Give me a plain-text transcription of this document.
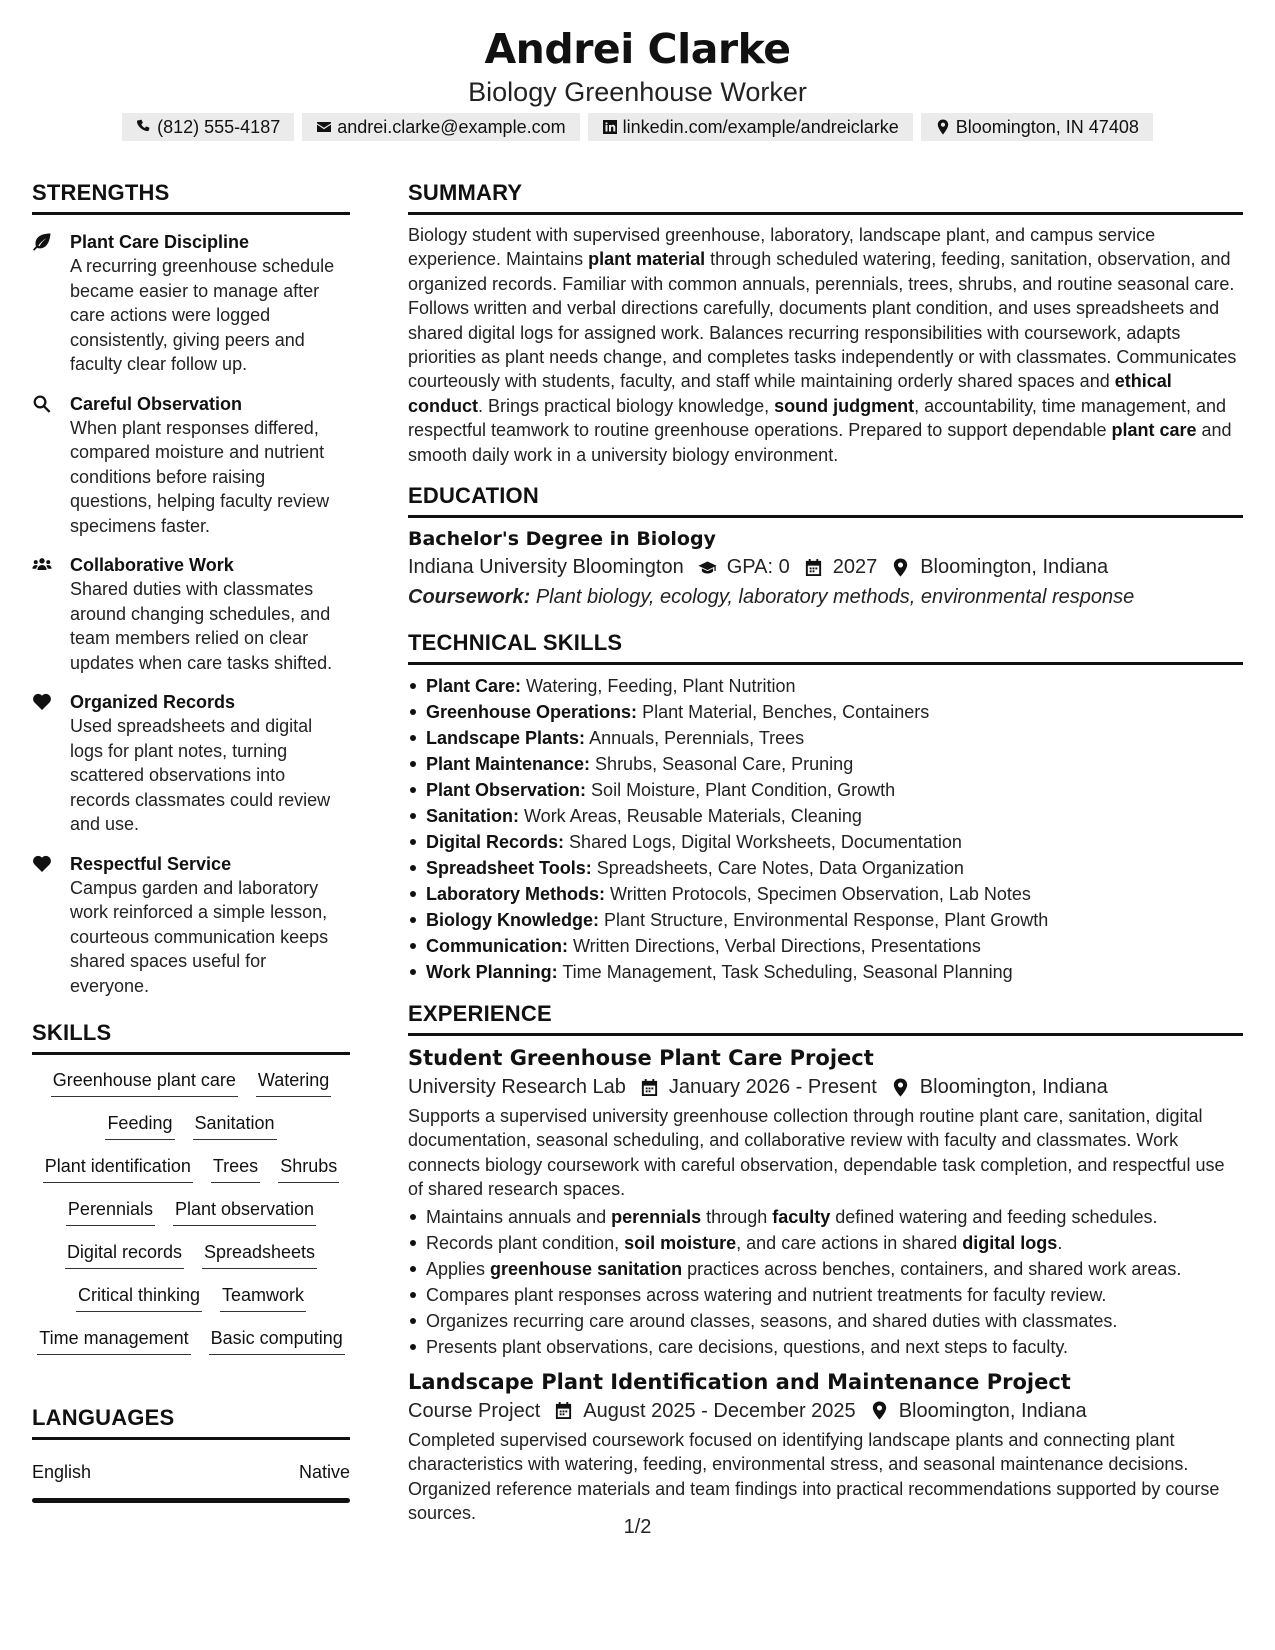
Andrei Clarke
Biology Greenhouse Worker
(812) 555-4187	andrei.clarke@example.com	linkedin.com/example/andreiclarke	Bloomington, IN 47408
STRENGTHS
Plant Care Discipline
A recurring greenhouse schedule became easier to manage after care actions were logged consistently, giving peers and faculty clear follow up.
Careful Observation
When plant responses differed, compared moisture and nutrient conditions before raising questions, helping faculty review specimens faster.
Collaborative Work
Shared duties with classmates around changing schedules, and team members relied on clear updates when care tasks shifted.
Organized Records
Used spreadsheets and digital logs for plant notes, turning scattered observations into records classmates could review and use.
Respectful Service
Campus garden and laboratory work reinforced a simple lesson, courteous communication keeps shared spaces useful for everyone.
SKILLS
Greenhouse plant care Watering
Feeding Sanitation
Plant identification Trees Shrubs
Perennials Plant observation
Digital records Spreadsheets
Critical thinking Teamwork
Time management Basic computing
LANGUAGES
English	Native
SUMMARY
Biology student with supervised greenhouse, laboratory, landscape plant, and campus service experience. Maintains plant material through scheduled watering, feeding, sanitation, observation, and organized records. Familiar with common annuals, perennials, trees, shrubs, and routine seasonal care. Follows written and verbal directions carefully, documents plant condition, and uses spreadsheets and shared digital logs for assigned work. Balances recurring responsibilities with coursework, adapts priorities as plant needs change, and completes tasks independently or with classmates. Communicates courteously with students, faculty, and staff while maintaining orderly shared spaces and ethical conduct. Brings practical biology knowledge, sound judgment, accountability, time management, and respectful teamwork to routine greenhouse operations. Prepared to support dependable plant care and smooth daily work in a university biology environment.
EDUCATION
Bachelor's Degree in Biology
Indiana University Bloomington GPA: 0 2027 Bloomington, Indiana
Coursework: Plant biology, ecology, laboratory methods, environmental response
TECHNICAL SKILLS
Plant Care: Watering, Feeding, Plant Nutrition
Greenhouse Operations: Plant Material, Benches, Containers
Landscape Plants: Annuals, Perennials, Trees
Plant Maintenance: Shrubs, Seasonal Care, Pruning
Plant Observation: Soil Moisture, Plant Condition, Growth
Sanitation: Work Areas, Reusable Materials, Cleaning
Digital Records: Shared Logs, Digital Worksheets, Documentation
Spreadsheet Tools: Spreadsheets, Care Notes, Data Organization
Laboratory Methods: Written Protocols, Specimen Observation, Lab Notes
Biology Knowledge: Plant Structure, Environmental Response, Plant Growth
Communication: Written Directions, Verbal Directions, Presentations
Work Planning: Time Management, Task Scheduling, Seasonal Planning
EXPERIENCE
Student Greenhouse Plant Care Project
University Research Lab January 2026 - Present Bloomington, Indiana
Supports a supervised university greenhouse collection through routine plant care, sanitation, digital documentation, seasonal scheduling, and collaborative review with faculty and classmates. Work connects biology coursework with careful observation, dependable task completion, and respectful use of shared research spaces.
Maintains annuals and perennials through faculty defined watering and feeding schedules.
Records plant condition, soil moisture, and care actions in shared digital logs.
Applies greenhouse sanitation practices across benches, containers, and shared work areas.
Compares plant responses across watering and nutrient treatments for faculty review.
Organizes recurring care around classes, seasons, and shared duties with classmates.
Presents plant observations, care decisions, questions, and next steps to faculty.
Landscape Plant Identification and Maintenance Project
Course Project August 2025 - December 2025 Bloomington, Indiana
Completed supervised coursework focused on identifying landscape plants and connecting plant characteristics with watering, feeding, environmental stress, and seasonal maintenance decisions. Organized reference materials and team findings into practical recommendations supported by course sources.
1/2
